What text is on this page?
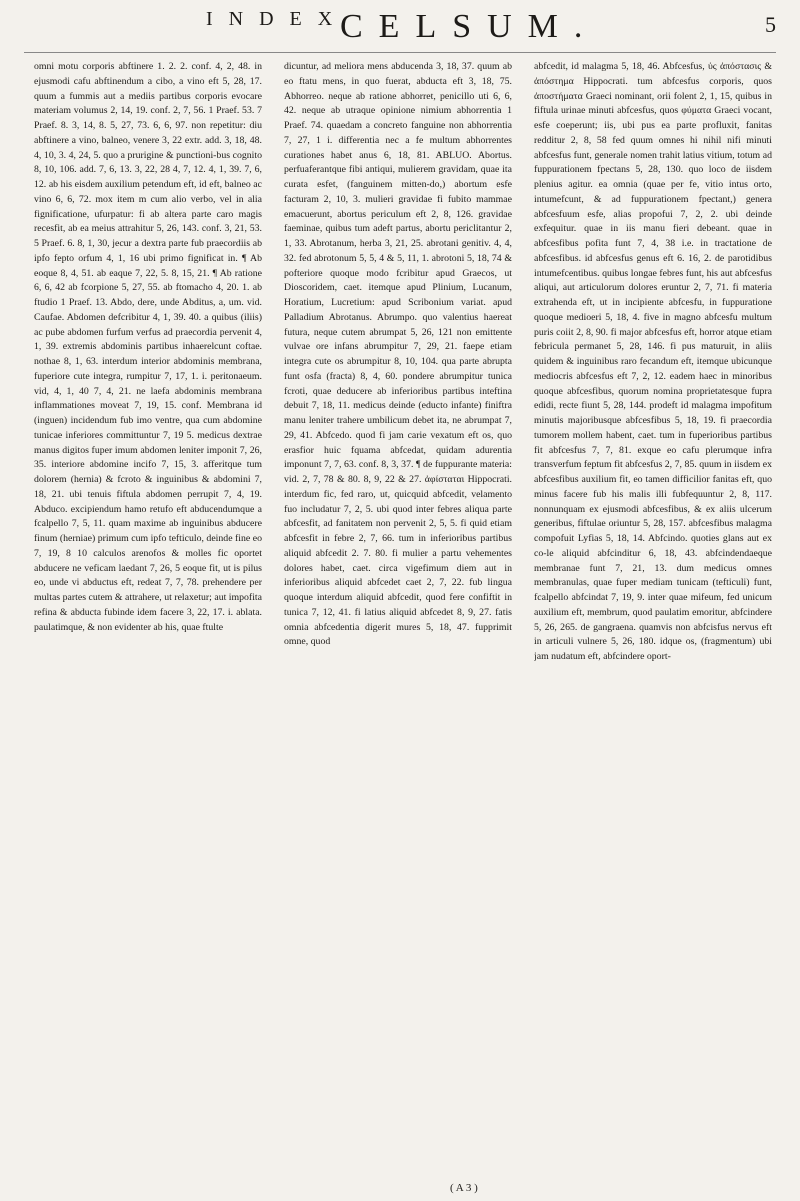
INDEX
CELSUM.	5

omni motu corporis abftinere 1. 2. 2. conf. 4, 2, 48. in ejusmodi cafu abftinendum a cibo, a vino eft 5, 28, 17. quum a fummis aut a mediis partibus corporis evocare materiam volumus 2, 14, 19. conf. 2, 7, 56. 1 Praef. 53. 7 Praef. 8. 3, 14, 8. 5, 27, 73. 6, 6, 97. non repetitur: diu abftinere a vino, balneo, venere 3, 22 extr. add. 3, 18, 48. 4, 10, 3. 4, 24, 5. quo a prurigine & punctioni-bus cognito 8, 10, 106. add. 7, 6, 13. 3, 22, 28 4, 7, 12. 4, 1, 39. 7, 6, 12. ab his eisdem auxilium petendum eft, id eft, balneo ac vino 6, 6, 72. mox item m cum alio verbo, vel in alia fignificatione, ufurpatur: fi ab altera parte caro magis recesfit, ab ea meius attrahitur 5, 26, 143. conf. 3, 21, 53. 5 Praef. 6. 8, 1, 30, jecur a dextra parte fub praecordiis ab ipfo fepto orfum 4, 1, 16 ubi primo fignificat in. ¶ Ab eoque 8, 4, 51. ab eaque 7, 22, 5. 8, 15, 21. ¶ Ab ratione 6, 6, 42 ab fcorpione 5, 27, 55. ab ftomacho 4, 20. 1. ab ftudio 1 Praef. 13. Abdo, dere, unde Abditus, a, um. vid. Caufae. Abdomen defcribitur 4, 1, 39. 40. a quibus (iliis) ac pube abdomen furfum verfus ad praecordia pervenit 4, 1, 39. extremis abdominis partibus inhaerelcunt coftae. nothae 8, 1, 63. interdum interior abdominis membrana, fuperiore cute integra, rumpitur 7, 17, 1. i. peritonaeum. vid, 4, 1, 40 7, 4, 21. ne laefa abdominis membrana inflammationes moveat 7, 19, 15. conf. Membrana id (inguen) incidendum fub imo ventre, qua cum abdomine tunicae inferiores committuntur 7, 19 5. medicus dextrae manus digitos fuper imum abdomen leniter imponit 7, 26, 35. interiore abdomine incifo 7, 15, 3. afferitque tum dolorem (hernia) & fcroto & inguinibus & abdomini 7, 18, 21. ubi tenuis fiftula abdomen perrupit 7, 4, 19. Abduco. excipiendum hamo retufo eft abducendumque a fcalpello 7, 5, 11. quam maxime ab inguinibus abducere finum (herniae) primum cum ipfo tefticulo, deinde fine eo 7, 19, 8 10 calculos arenofos & molles fic oportet abducere ne veficam laedant 7, 26, 5 eoque fit, ut is pilus eo, unde vi abductus eft, redeat 7, 7, 78. prehendere per multas partes cutem & attrahere, ut relaxetur; aut impofita refina & abducta fubinde idem facere 3, 22, 17. i. ablata. paulatimque, & non evidenter ab his, quae ftulte

dicuntur, ad meliora mens abducenda 3, 18, 37. quum ab eo ftatu mens, in quo fuerat, abducta eft 3, 18, 75. Abhorreo. neque ab ratione abhorret, penicillo uti 6, 6, 42. neque ab utraque opinione nimium abhorrentia 1 Praef. 74. quaedam a concreto fanguine non abhorrentia 7, 27, 1 i. differentia nec a fe multum abhorrentes curationes habet anus 6, 18, 81. ABLUO. Abortus. perfuaferantque fibi antiqui, mulierem gravidam, quae ita curata esfet, (fanguinem mitten-do,) abortum esfe facturam 2, 10, 3. mulieri gravidae fi fubito mammae emacuerunt, abortus periculum eft 2, 8, 126. gravidae faeminae, quibus tum adeft partus, abortu periclitantur 2, 1, 33. Abrotanum, herba 3, 21, 25. abrotani genitiv. 4, 4, 32. fed abrotonum 5, 5, 4 & 5, 11, 1. abrotoni 5, 18, 74 & pofteriore quoque modo fcribitur apud Graecos, ut Dioscoridem, caet. itemque apud Plinium, Lucanum, Horatium, Lucretium: apud Scribonium variat. apud Palladium Abrotanus. Abrumpo. quo valentius haereat futura, neque cutem abrumpat 5, 26, 121 non emittente vulvae ore infans abrumpitur 7, 29, 21. faepe etiam integra cute os abrumpitur 8, 10, 104. qua parte abrupta funt osfa (fracta) 8, 4, 60. pondere abrumpitur tunica fcroti, quae deducere ab inferioribus partibus inteftina debuit 7, 18, 11. medicus deinde (educto infante) finiftra manu leniter trahere umbilicum debet ita, ne abrumpat 7, 29, 41. Abfcedo. quod fi jam carie vexatum eft os, quo erasfior huic fquama abfcedat, quidam adurentia imponunt 7, 7, 63. conf. 8, 3, 37. ¶ de fuppurante materia: vid. 2, 7, 78 & 80. 8, 9, 22 & 27. ἀφίσταται Hippocrati. interdum fic, fed raro, ut, quicquid abfcedit, velamento fuo includatur 7, 2, 5. ubi quod inter febres aliqua parte abfcesfit, ad fanitatem non pervenit 2, 5, 5. fi quid etiam abfcesfit in febre 2, 7, 66. tum in inferioribus partibus aliquid abfcedit 2. 7. 80. fi mulier a partu vehementes dolores habet, caet. circa vigefimum diem aut in inferioribus aliquid abfcedet caet 2, 7, 22. fub lingua quoque interdum aliquid abfcedit, quod fere confiftit in tunica 7, 12, 41. fi latius aliquid abfcedet 8, 9, 27. fatis omnia abfcedentia digerit mures 5, 18, 47. fupprimit omne, quod

abfcedit, id malagma 5, 18, 46. Abfcesfus, ὑς ἀπόστασις & ἀπόστημα Hippocrati. tum abfcesfus corporis, quos ἀποστήματα Graeci nominant, orii folent 2, 1, 15, quibus in fiftula urinae minuti abfcesfus, quos φύματα Graeci vocant, esfe coeperunt; iis, ubi pus ea parte profluxit, fanitas redditur 2, 8, 58 fed quum omnes hi nihil nifi minuti abfcesfus funt, generale nomen trahit latius vitium, totum ad fuppurationem fpectans 5, 28, 130. quo loco de iisdem plenius agitur. ea omnia (quae per fe, vitio intus orto, intumefcunt, & ad fuppurationem fpectant,) genera abfcesfuum esfe, alias propofui 7, 2, 2. ubi deinde exfequitur. quae in iis manu fieri debeant. quae in abfcesfibus pofita funt 7, 4, 38 i.e. in tractatione de abfcesfibus. id abfcesfus genus eft 6. 16, 2. de parotidibus intumefcentibus. quibus longae febres funt, his aut abfcesfus aliqui, aut articulorum dolores eruntur 2, 7, 71. fi materia extrahenda eft, ut in incipiente abfcesfu, in fuppuratione quoque medioeri 5, 18, 4. five in magno abfcesfu multum puris coiit 2, 8, 90. fi major abfcesfus eft, horror atque etiam febricula permanet 5, 28, 146. fi pus maturuit, in aliis quidem & inguinibus raro fecandum eft, itemque ubicunque mediocris abfcesfus eft 7, 2, 12. eadem haec in minoribus quoque abfcesfibus, quorum nomina proprietatesque fupra edidi, recte fiunt 5, 28, 144. prodeft id malagma impofitum minutis majoribusque abfcesfibus 5, 18, 19. fi praecordia tumorem mollem habent, caet. tum in fuperioribus partibus fit abfcesfus 7, 7, 81. exque eo cafu plerumque infra transverfum feptum fit abfcesfus 2, 7, 85. quum in iisdem ex abfcesfibus auxilium fit, eo tamen difficilior fanitas eft, quo minus facere fub his malis illi fubfequuntur 2, 8, 117. nonnunquam ex ejusmodi abfcesfibus, & ex aliis ulcerum generibus, fiftulae oriuntur 5, 28, 157. abfcesfibus malagma compofuit Lyfias 5, 18, 14. Abfcindo. quoties glans aut ex co-le aliquid abfcinditur 6, 18, 43. abfcindendaeque membranae funt 7, 21, 13. dum medicus omnes membranulas, quae fuper mediam tunicam (tefticuli) funt, fcalpello abfcindat 7, 19, 9. inter quae mifeum, fed unicum auxilium eft, membrum, quod paulatim emoritur, abfcindere 5, 26, 265. de gangraena. quamvis non abfcisfus nervus eft in articuli vulnere 5, 26, 180. idque os, (fragmentum) ubi jam nudatum eft, abfcindere oport-

( A 3 )
